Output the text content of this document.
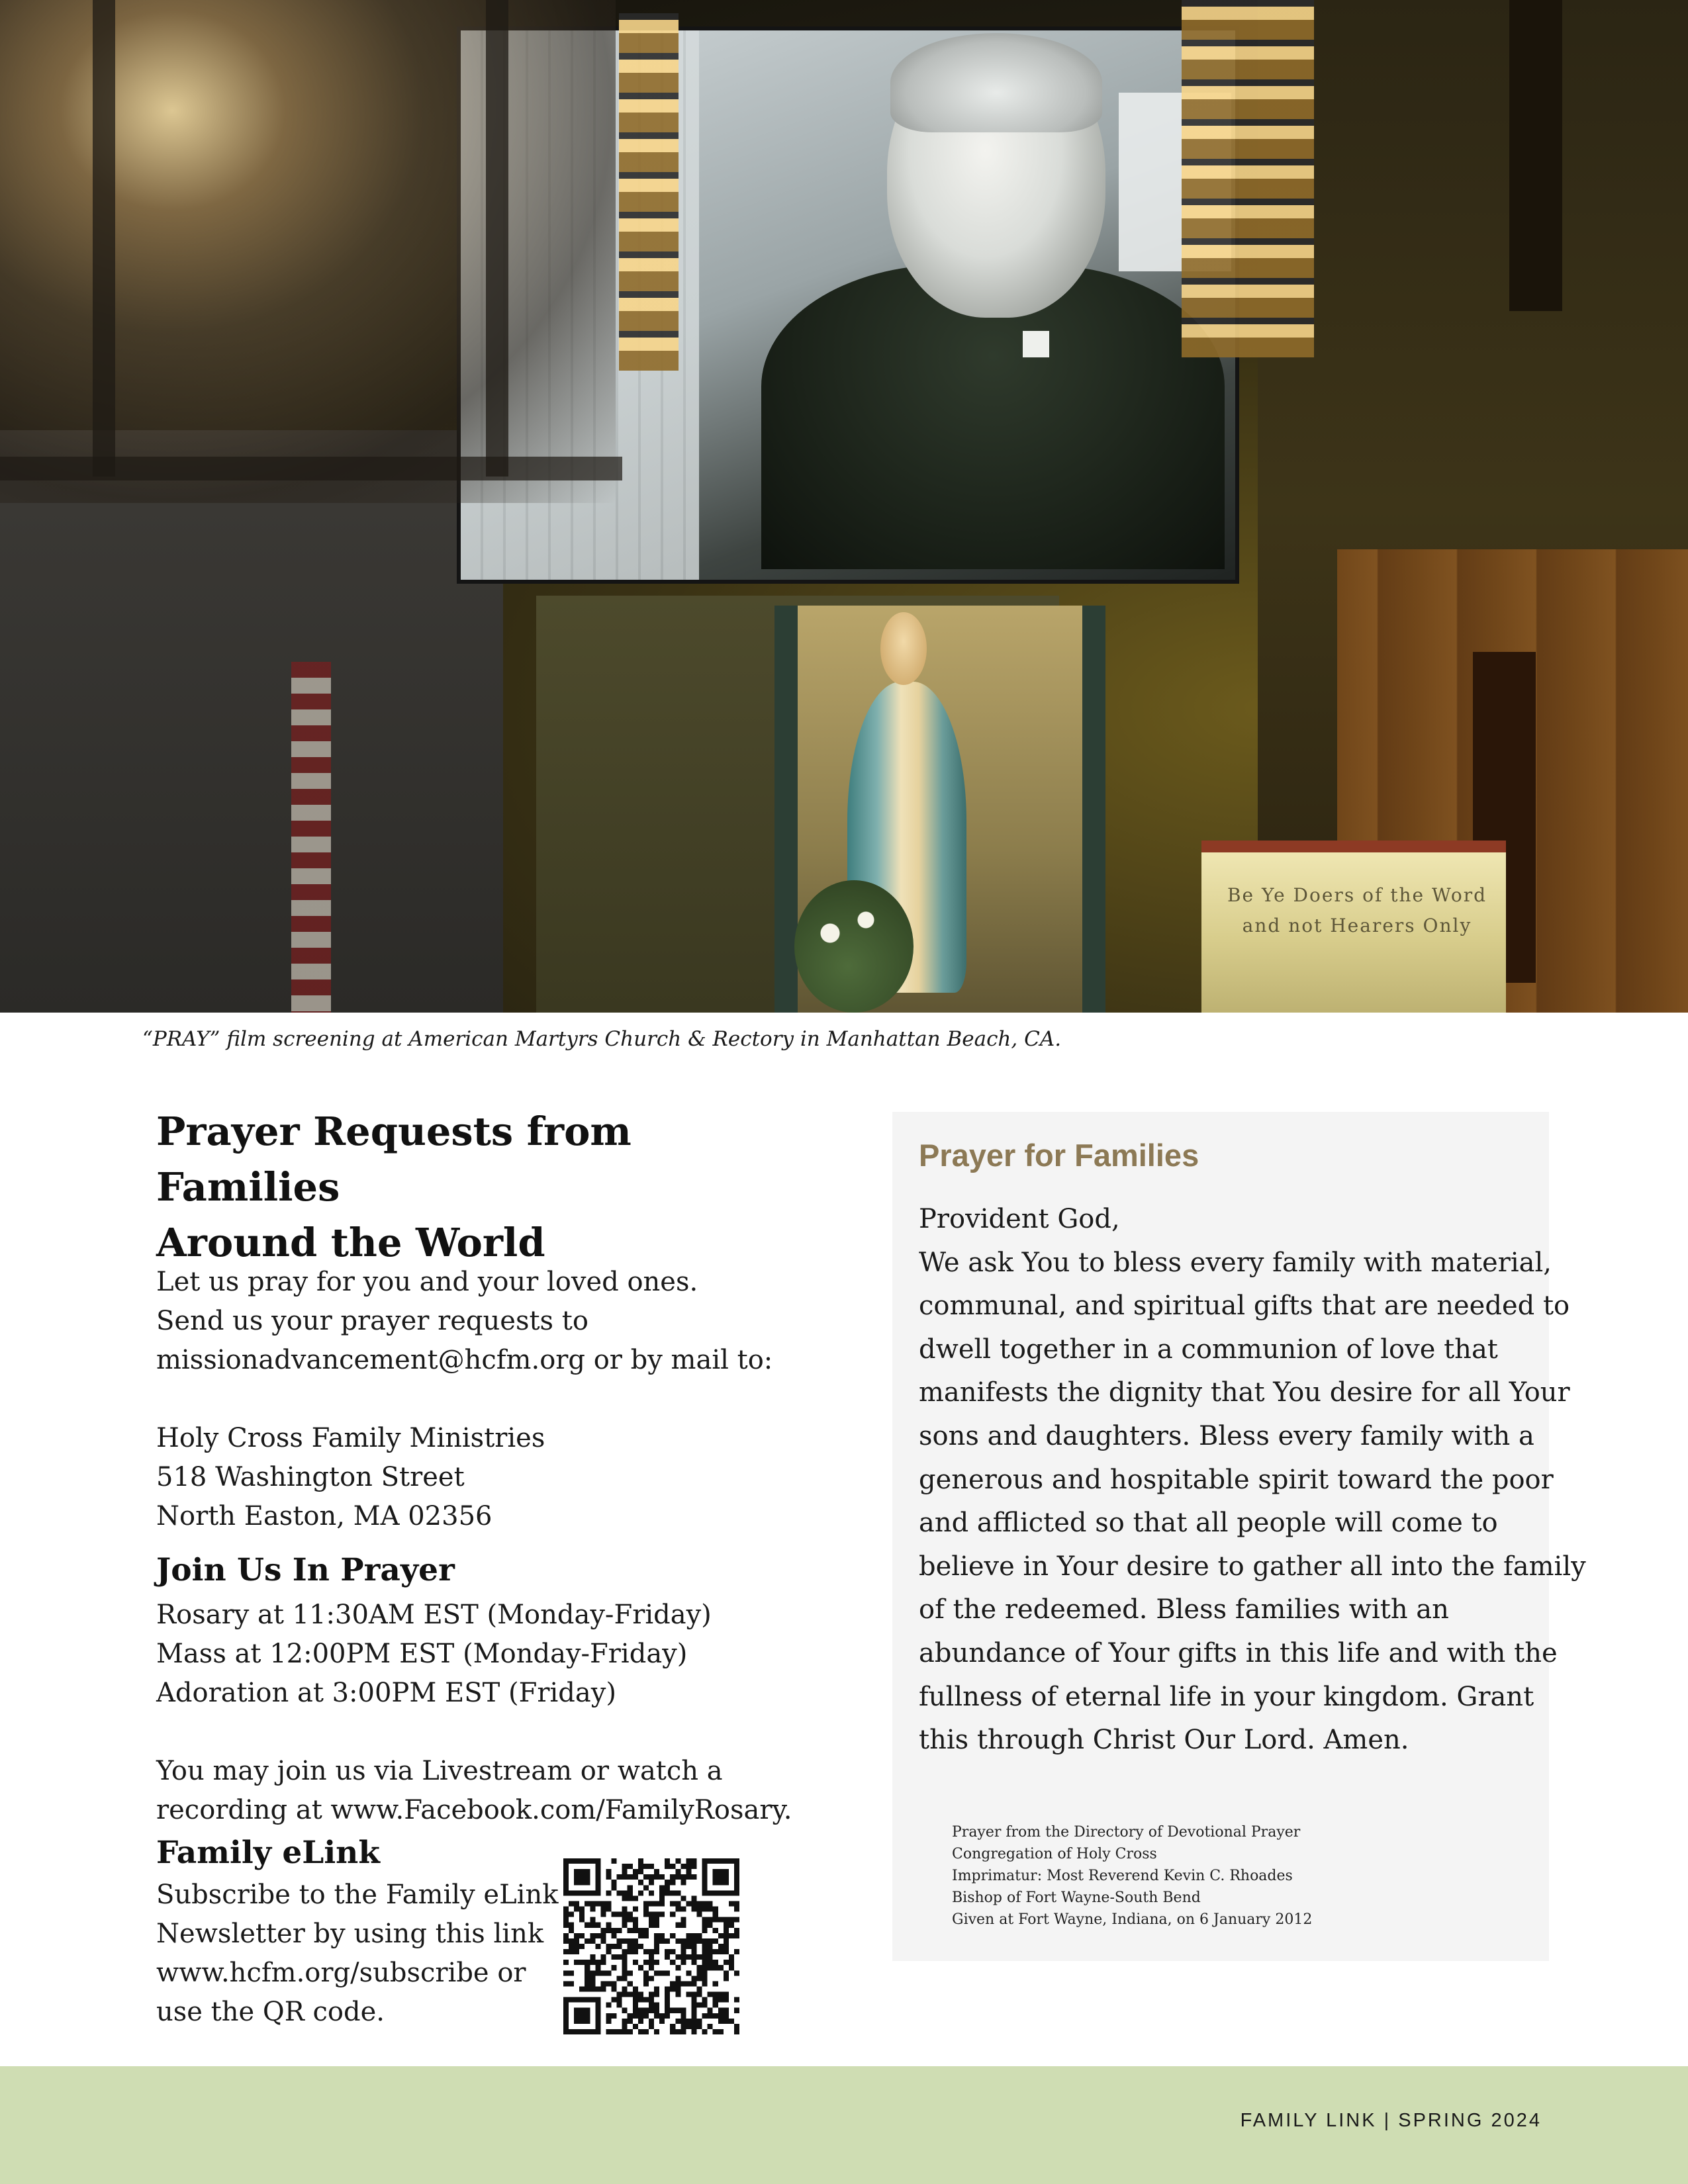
Be Ye Doers of the Word
and not Hearers Only
“PRAY” film screening at American Martyrs Church & Rectory in Manhattan Beach, CA.
Prayer Requests from Families
Around the World
Let us pray for you and your loved ones.
Send us your prayer requests to
missionadvancement@hcfm.org or by mail to:
Holy Cross Family Ministries
518 Washington Street
North Easton, MA 02356
Join Us In Prayer
Rosary at 11:30AM EST (Monday-Friday)
Mass at 12:00PM EST (Monday-Friday)
Adoration at 3:00PM EST (Friday)
You may join us via Livestream or watch a
recording at www.Facebook.com/FamilyRosary.
Family eLink
Subscribe to the Family eLink
Newsletter by using this link
www.hcfm.org/subscribe or
use the QR code.
Prayer for Families
Provident God,
We ask You to bless every family with material,
communal, and spiritual gifts that are needed to
dwell together in a communion of love that
manifests the dignity that You desire for all Your
sons and daughters. Bless every family with a
generous and hospitable spirit toward the poor
and afflicted so that all people will come to
believe in Your desire to gather all into the family
of the redeemed. Bless families with an
abundance of Your gifts in this life and with the
fullness of eternal life in your kingdom. Grant
this through Christ Our Lord. Amen.
Prayer from the Directory of Devotional Prayer
Congregation of Holy Cross
Imprimatur: Most Reverend Kevin C. Rhoades
Bishop of Fort Wayne-South Bend
Given at Fort Wayne, Indiana, on 6 January 2012
FAMILY LINK | SPRING 2024
